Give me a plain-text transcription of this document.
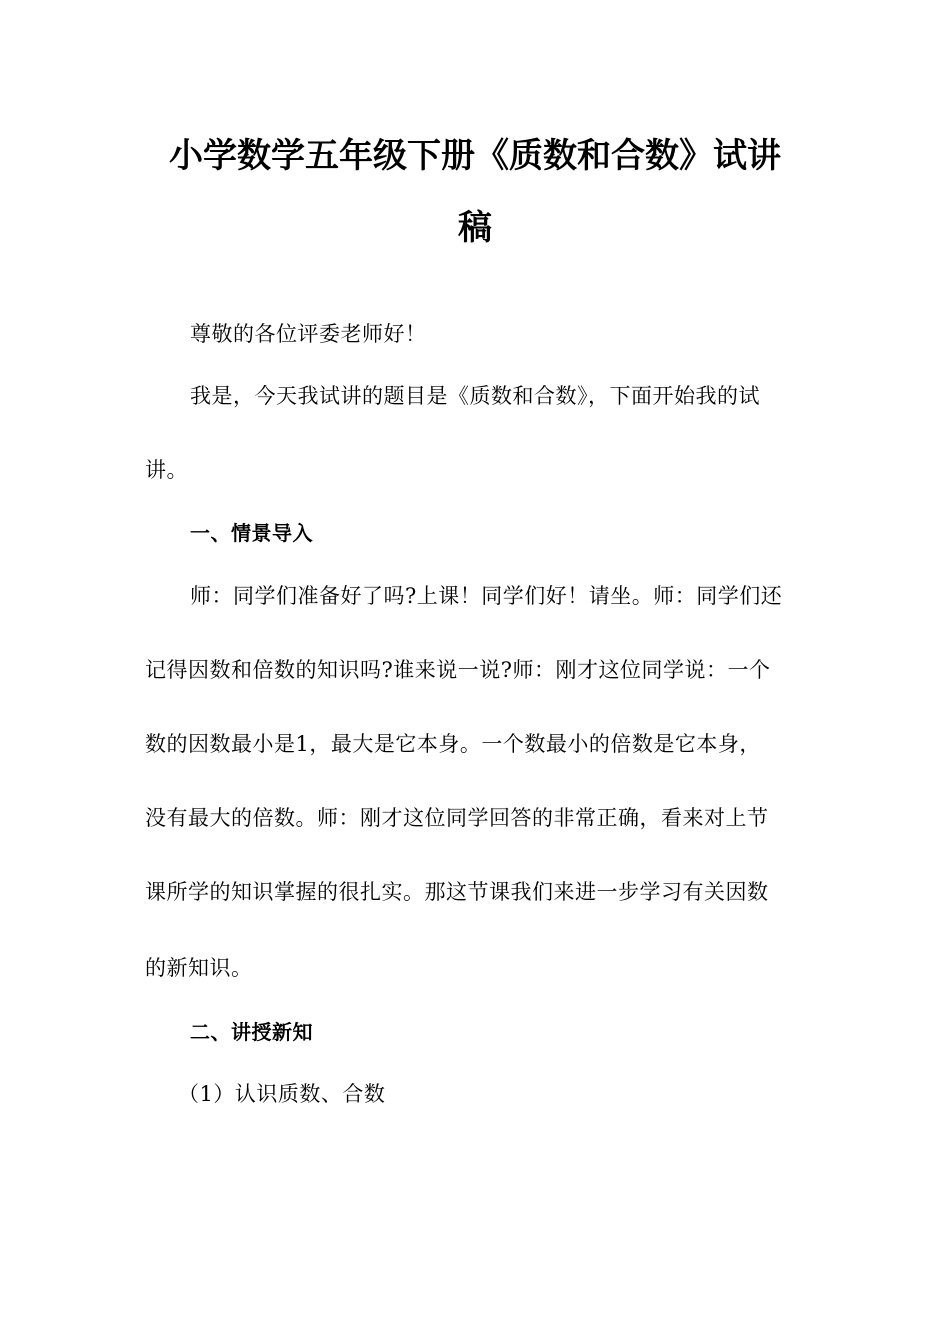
小学数学五年级下册《质数和合数》试讲
稿
尊敬的各位评委老师好！
我是，今天我试讲的题目是《质数和合数》，下面开始我的试
讲。
一、情景导入
师：同学们准备好了吗?上课！同学们好！请坐。师：同学们还
记得因数和倍数的知识吗?谁来说一说?师：刚才这位同学说：一个
数的因数最小是1，最大是它本身。一个数最小的倍数是它本身，
没有最大的倍数。师：刚才这位同学回答的非常正确，看来对上节
课所学的知识掌握的很扎实。那这节课我们来进一步学习有关因数
的新知识。
二、讲授新知
（1）认识质数、合数
